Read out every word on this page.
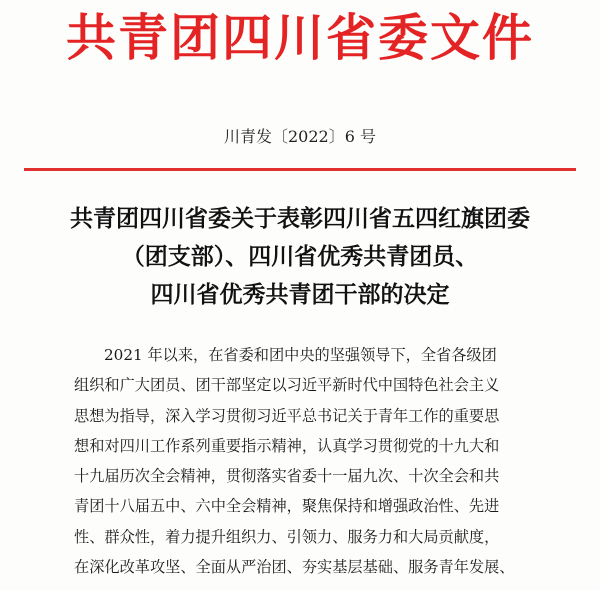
共青团四川省委文件
川青发〔2022〕6 号
共青团四川省委关于表彰四川省五四红旗团委
（团支部）、四川省优秀共青团员、
四川省优秀共青团干部的决定
2021 年以来，在省委和团中央的坚强领导下，全省各级团
组织和广大团员、团干部坚定以习近平新时代中国特色社会主义
思想为指导，深入学习贯彻习近平总书记关于青年工作的重要思
想和对四川工作系列重要指示精神，认真学习贯彻党的十九大和
十九届历次全会精神，贯彻落实省委十一届九次、十次全会和共
青团十八届五中、六中全会精神，聚焦保持和增强政治性、先进
性、群众性，着力提升组织力、引领力、服务力和大局贡献度，
在深化改革攻坚、全面从严治团、夯实基层基础、服务青年发展、
